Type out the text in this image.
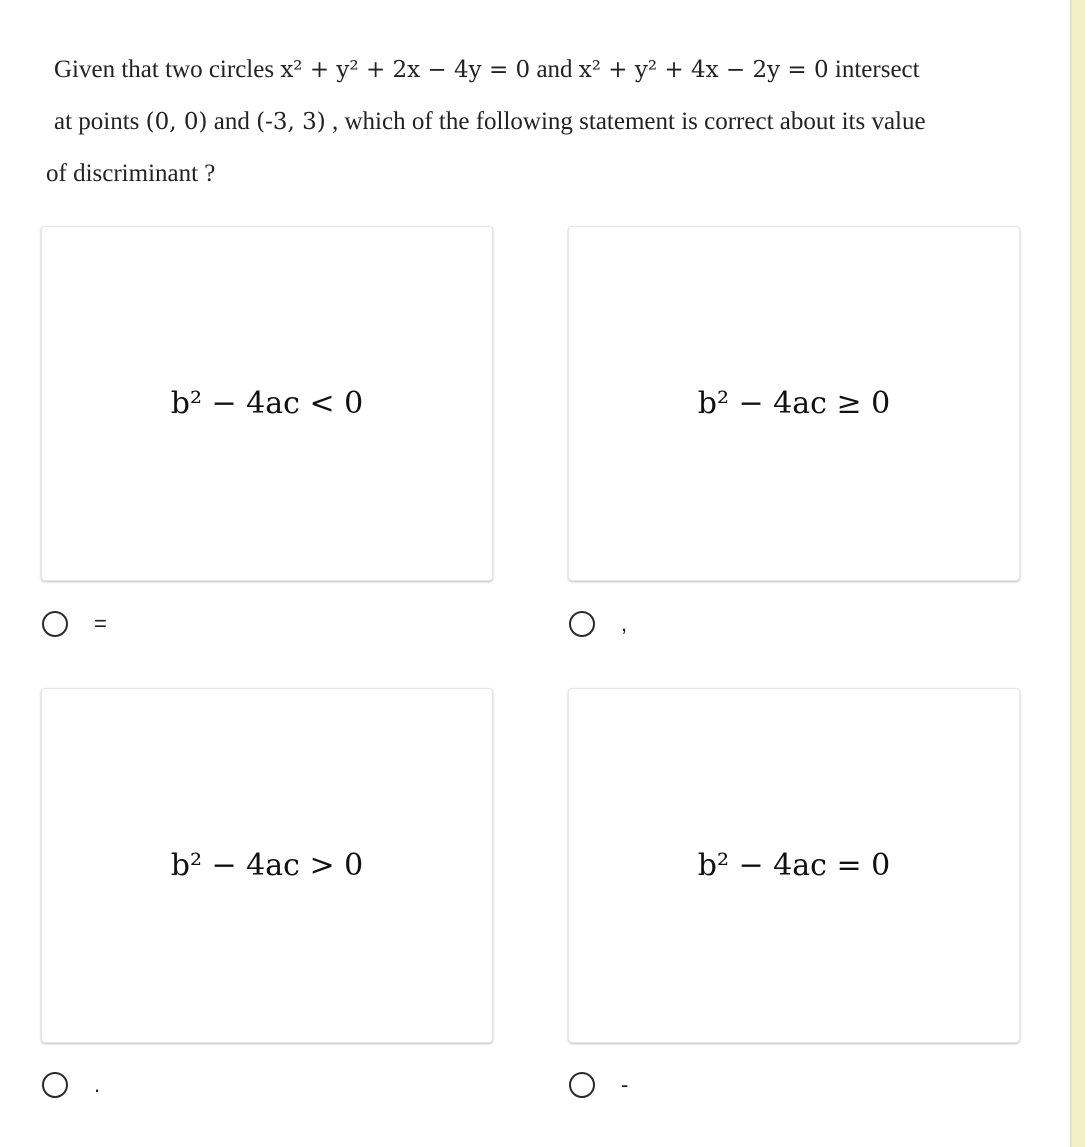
Given that two circles x² + y² + 2x − 4y = 0 and x² + y² + 4x − 2y = 0 intersect
at points (0, 0) and (-3, 3) , which of the following statement is correct about its value
of discriminant ?
b² − 4ac < 0	b² − 4ac ≥ 0
b² − 4ac > 0	b² − 4ac = 0
=	,
.	-
